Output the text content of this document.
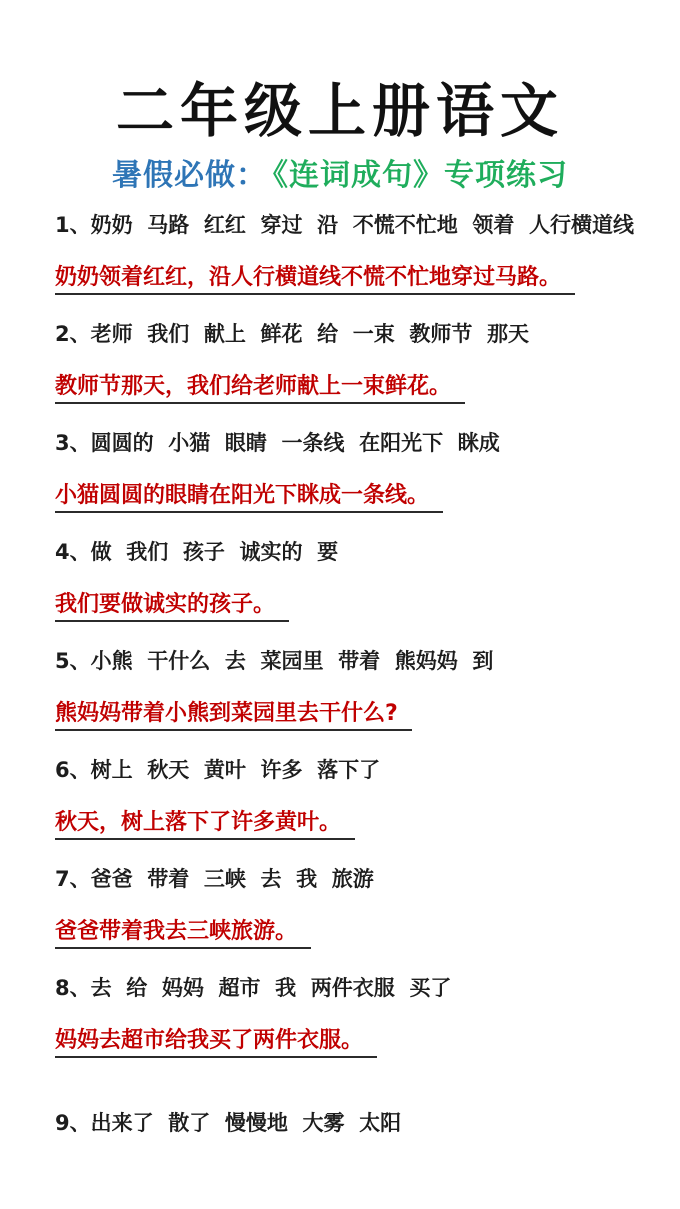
二年级上册语文
暑假必做： 《连词成句》专项练习

1、奶奶  马路  红红  穿过  沿  不慌不忙地  领着  人行横道线

奶奶领着红红，沿人行横道线不慌不忙地穿过马路。

2、老师  我们  献上  鲜花  给  一束  教师节  那天

教师节那天，我们给老师献上一束鲜花。

3、圆圆的  小猫  眼睛  一条线  在阳光下  眯成

小猫圆圆的眼睛在阳光下眯成一条线。

4、做  我们  孩子  诚实的  要

我们要做诚实的孩子。

5、小熊  干什么  去  菜园里  带着  熊妈妈  到

熊妈妈带着小熊到菜园里去干什么?

6、树上  秋天  黄叶  许多  落下了

秋天，树上落下了许多黄叶。

7、爸爸  带着  三峡  去  我  旅游

爸爸带着我去三峡旅游。

8、去  给  妈妈  超市  我  两件衣服  买了

妈妈去超市给我买了两件衣服。

9、出来了  散了  慢慢地  大雾  太阳
